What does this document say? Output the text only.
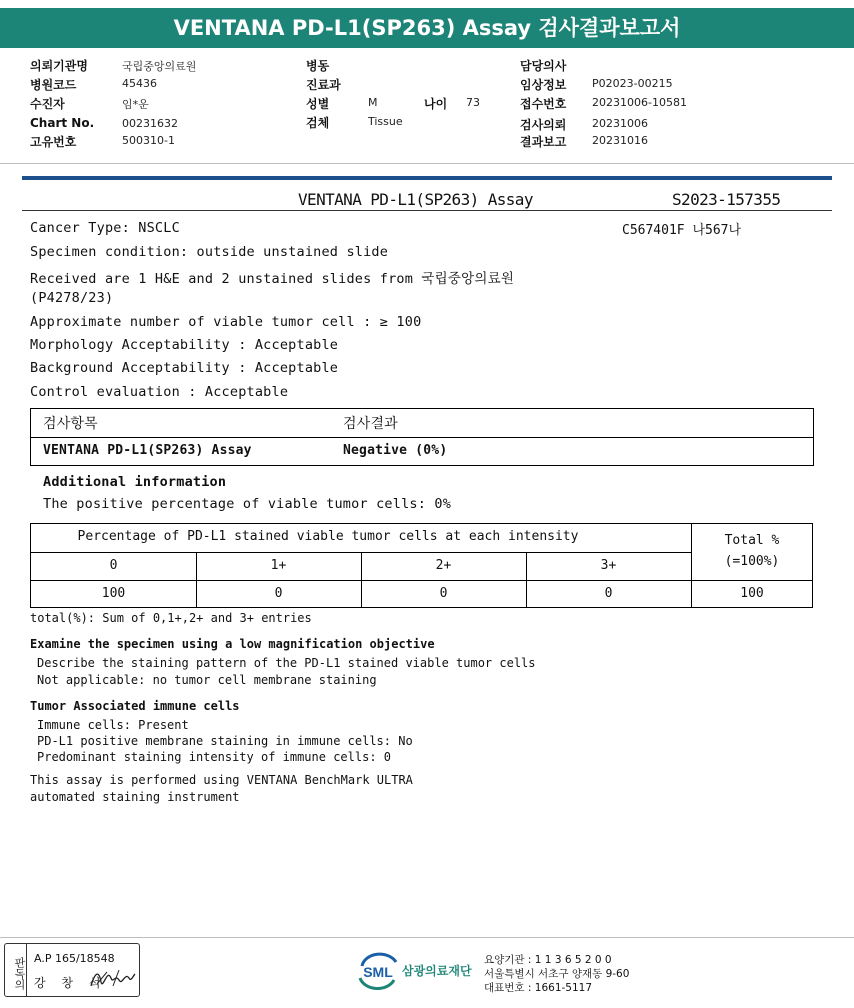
VENTANA PD-L1(SP263) Assay 검사결과보고서
의뢰기관명	국립중앙의료원
병원코드	45436
수진자	임*운
Chart No.	00231632
고유번호	500310-1
병동
진료과
성별	M	나이 73
검체	Tissue
담당의사
임상정보 P02023-00215
접수번호 20231006-10581
검사의뢰 20231006
결과보고 20231016
VENTANA PD-L1(SP263) Assay	S2023-157355
C567401F 나567나
Cancer Type: NSCLC
Specimen condition: outside unstained slide
Received are 1 H&E and 2 unstained slides from 국립중앙의료원
(P4278/23)
Approximate number of viable tumor cell : ≥ 100
Morphology Acceptability : Acceptable
Background Acceptability : Acceptable
Control evaluation : Acceptable
검사항목	검사결과
VENTANA PD-L1(SP263) Assay	Negative (0%)
Additional information
The positive percentage of viable tumor cells: 0%
Percentage of PD-L1 stained viable tumor cells at each intensity	Total %
(=100%)
0	1+	2+	3+
100	0	0	0	100
total(%): Sum of 0,1+,2+ and 3+ entries
Examine the specimen using a low magnification objective
Describe the staining pattern of the PD-L1 stained viable tumor cells
Not applicable: no tumor cell membrane staining
Tumor Associated immune cells
Immune cells: Present
PD-L1 positive membrane staining in immune cells: No
Predominant staining intensity of immune cells: 0
This assay is performed using VENTANA BenchMark ULTRA
automated staining instrument
판독의 A.P 165/18548
강 창 석
SML 삼광의료재단
요양기관 : 1 1 3 6 5 2 0 0
서울특별시 서초구 양재동 9-60
대표번호 : 1661-5117
